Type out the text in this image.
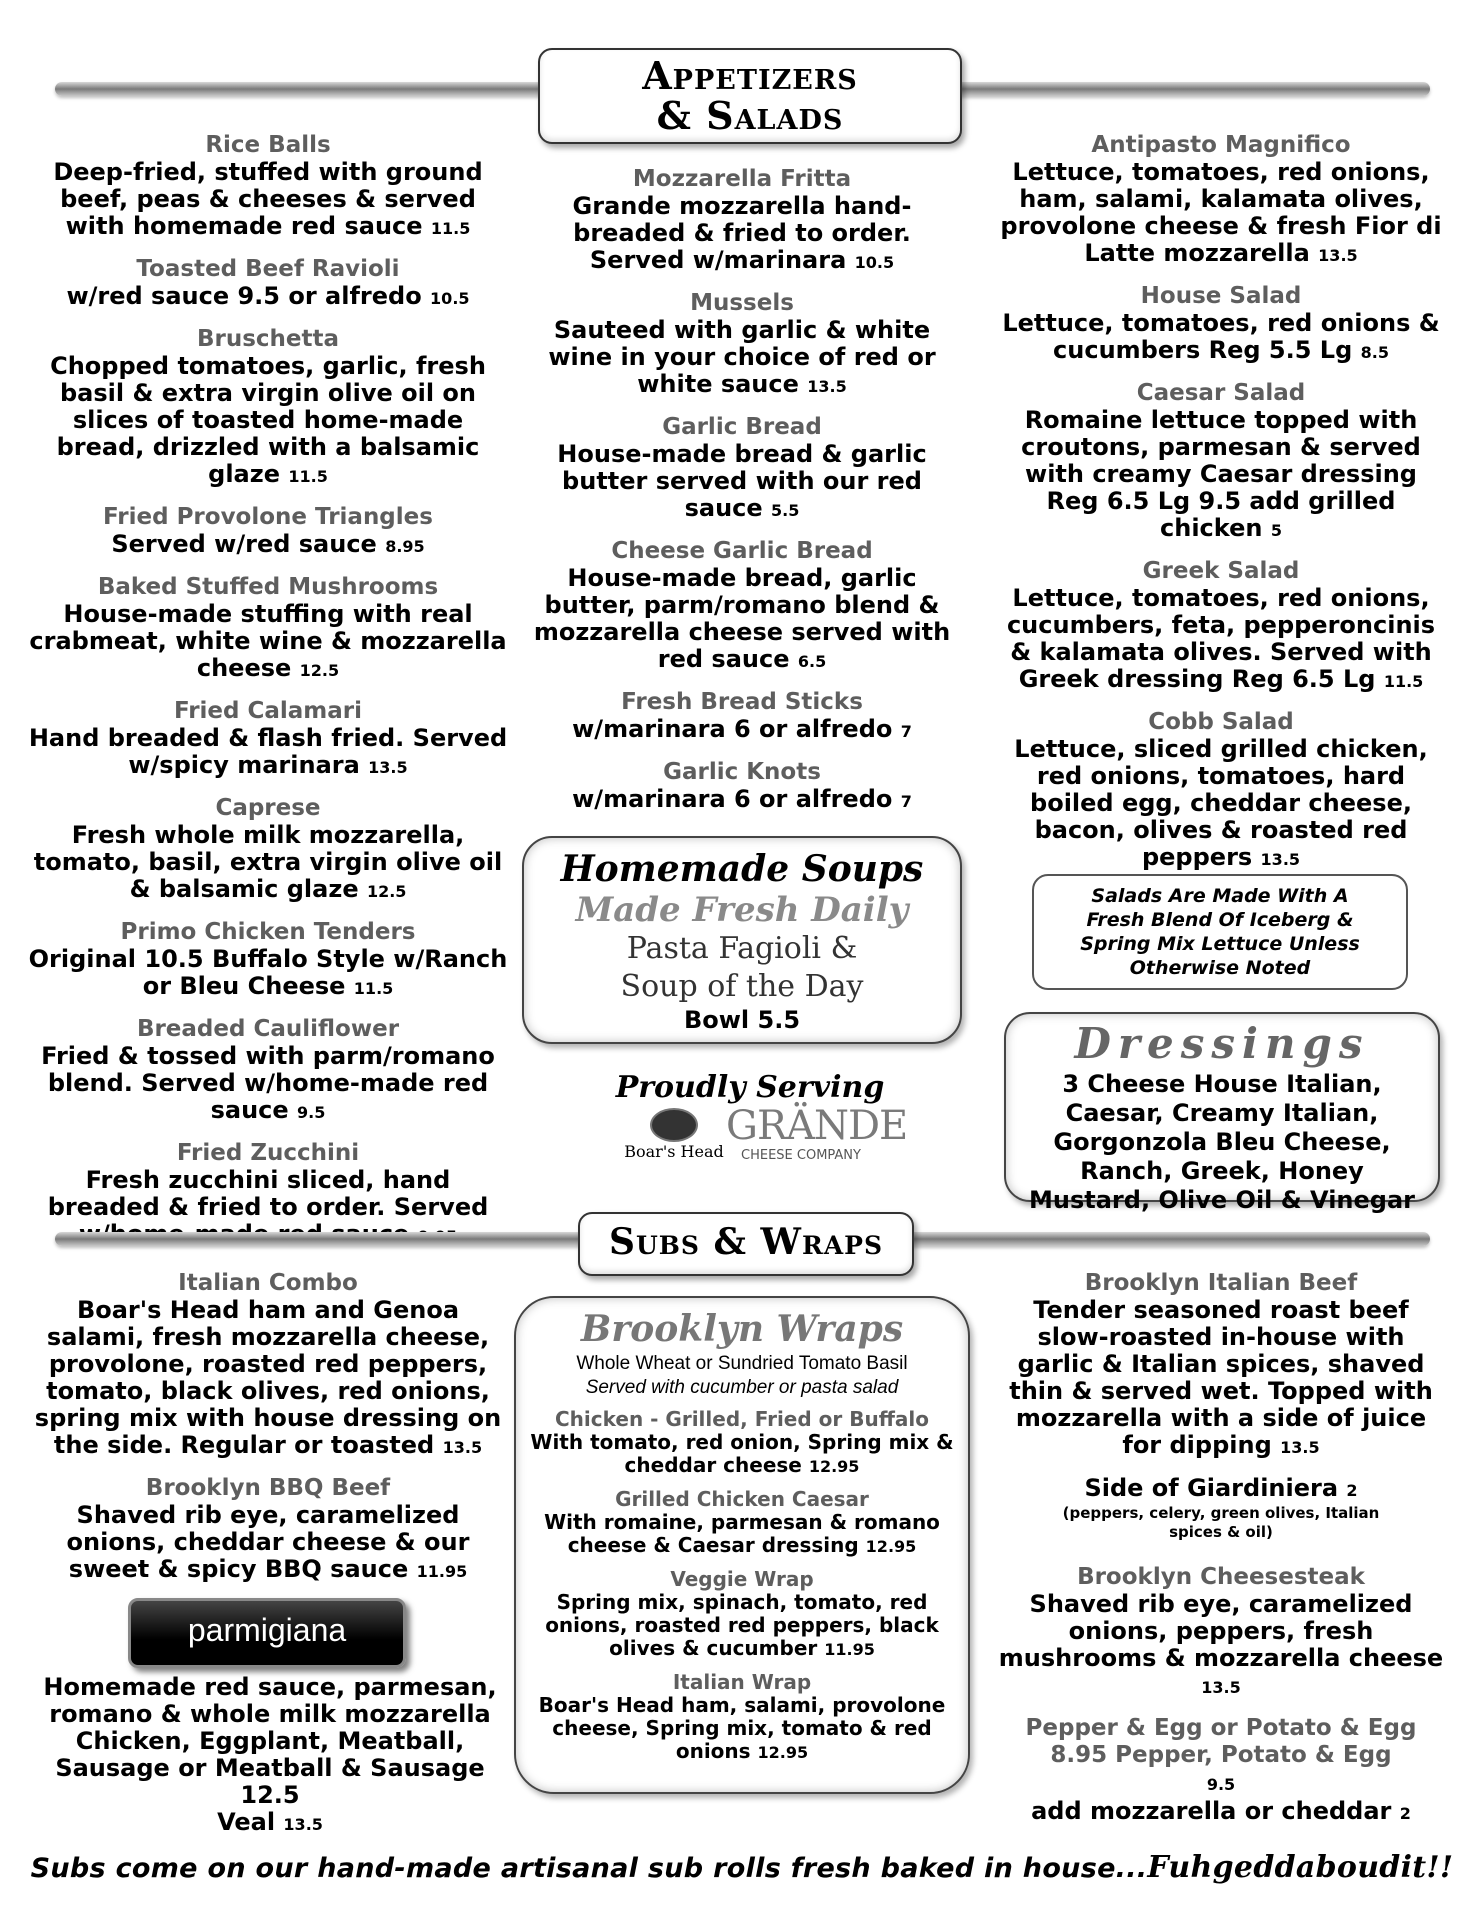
Appetizers
& Salads
Rice Balls
Deep-fried, stuffed with ground beef, peas & cheeses & served with homemade red sauce 11.5
Toasted Beef Ravioli
w/red sauce 9.5 or alfredo 10.5
Bruschetta
Chopped tomatoes, garlic, fresh basil & extra virgin olive oil on slices of toasted home-made bread, drizzled with a balsamic glaze 11.5
Fried Provolone Triangles
Served w/red sauce 8.95
Baked Stuffed Mushrooms
House-made stuffing with real crabmeat, white wine & mozzarella cheese 12.5
Fried Calamari
Hand breaded & flash fried. Served w/spicy marinara 13.5
Caprese
Fresh whole milk mozzarella, tomato, basil, extra virgin olive oil & balsamic glaze 12.5
Primo Chicken Tenders
Original 10.5 Buffalo Style w/Ranch or Bleu Cheese 11.5
Breaded Cauliflower
Fried & tossed with parm/romano blend. Served w/home-made red sauce 9.5
Fried Zucchini
Fresh zucchini sliced, hand breaded & fried to order. Served
Mozzarella Fritta
Grande mozzarella hand-breaded & fried to order. Served w/marinara 10.5
Mussels
Sauteed with garlic & white wine in your choice of red or white sauce 13.5
Garlic Bread
House-made bread & garlic butter served with our red sauce 5.5
Cheese Garlic Bread
House-made bread, garlic butter, parm/romano blend & mozzarella cheese served with red sauce 6.5
Fresh Bread Sticks
w/marinara 6 or alfredo 7
Garlic Knots
w/marinara 6 or alfredo 7
Antipasto Magnifico
Lettuce, tomatoes, red onions, ham, salami, kalamata olives, provolone cheese & fresh Fior di Latte mozzarella 13.5
House Salad
Lettuce, tomatoes, red onions & cucumbers Reg 5.5 Lg 8.5
Caesar Salad
Romaine lettuce topped with croutons, parmesan & served with creamy Caesar dressing Reg 6.5 Lg 9.5 add grilled chicken 5
Greek Salad
Lettuce, tomatoes, red onions, cucumbers, feta, pepperoncinis & kalamata olives. Served with Greek dressing Reg 6.5 Lg 11.5
Cobb Salad
Lettuce, sliced grilled chicken, red onions, tomatoes, hard boiled egg, cheddar cheese, bacon, olives & roasted red peppers 13.5
Homemade Soups
Made Fresh Daily
Pasta Fagioli &
Soup of the Day
Bowl 5.5
Proudly Serving
Boar's Head
GRÄNDE
CHEESE COMPANY
Salads Are Made With A Fresh Blend Of Iceberg & Spring Mix Lettuce Unless Otherwise Noted
Dressings
3 Cheese House Italian, Caesar, Creamy Italian, Gorgonzola Bleu Cheese, Ranch, Greek, Honey Mustard, Olive Oil & Vinegar
Subs & Wraps
Italian Combo
Boar's Head ham and Genoa salami, fresh mozzarella cheese, provolone, roasted red peppers, tomato, black olives, red onions, spring mix with house dressing on the side. Regular or toasted 13.5
Brooklyn BBQ Beef
Shaved rib eye, caramelized onions, cheddar cheese & our sweet & spicy BBQ sauce 11.95
parmigiana
Homemade red sauce, parmesan, romano & whole milk mozzarella Chicken, Eggplant, Meatball, Sausage or Meatball & Sausage 12.5
Veal 13.5
Brooklyn Wraps
Whole Wheat or Sundried Tomato Basil
Served with cucumber or pasta salad
Chicken - Grilled, Fried or Buffalo
With tomato, red onion, Spring mix & cheddar cheese 12.95
Grilled Chicken Caesar
With romaine, parmesan & romano cheese & Caesar dressing 12.95
Veggie Wrap
Spring mix, spinach, tomato, red onions, roasted red peppers, black olives & cucumber 11.95
Italian Wrap
Boar's Head ham, salami, provolone cheese, Spring mix, tomato & red onions 12.95
Brooklyn Italian Beef
Tender seasoned roast beef slow-roasted in-house with garlic & Italian spices, shaved thin & served wet. Topped with mozzarella with a side of juice for dipping 13.5
Side of Giardiniera 2
(peppers, celery, green olives, Italian spices & oil)
Brooklyn Cheesesteak
Shaved rib eye, caramelized onions, peppers, fresh mushrooms & mozzarella cheese 13.5
Pepper & Egg or Potato & Egg 8.95 Pepper, Potato & Egg
9.5
add mozzarella or cheddar 2
Subs come on our hand-made artisanal sub rolls fresh baked in house...Fuhgeddaboudit!!
